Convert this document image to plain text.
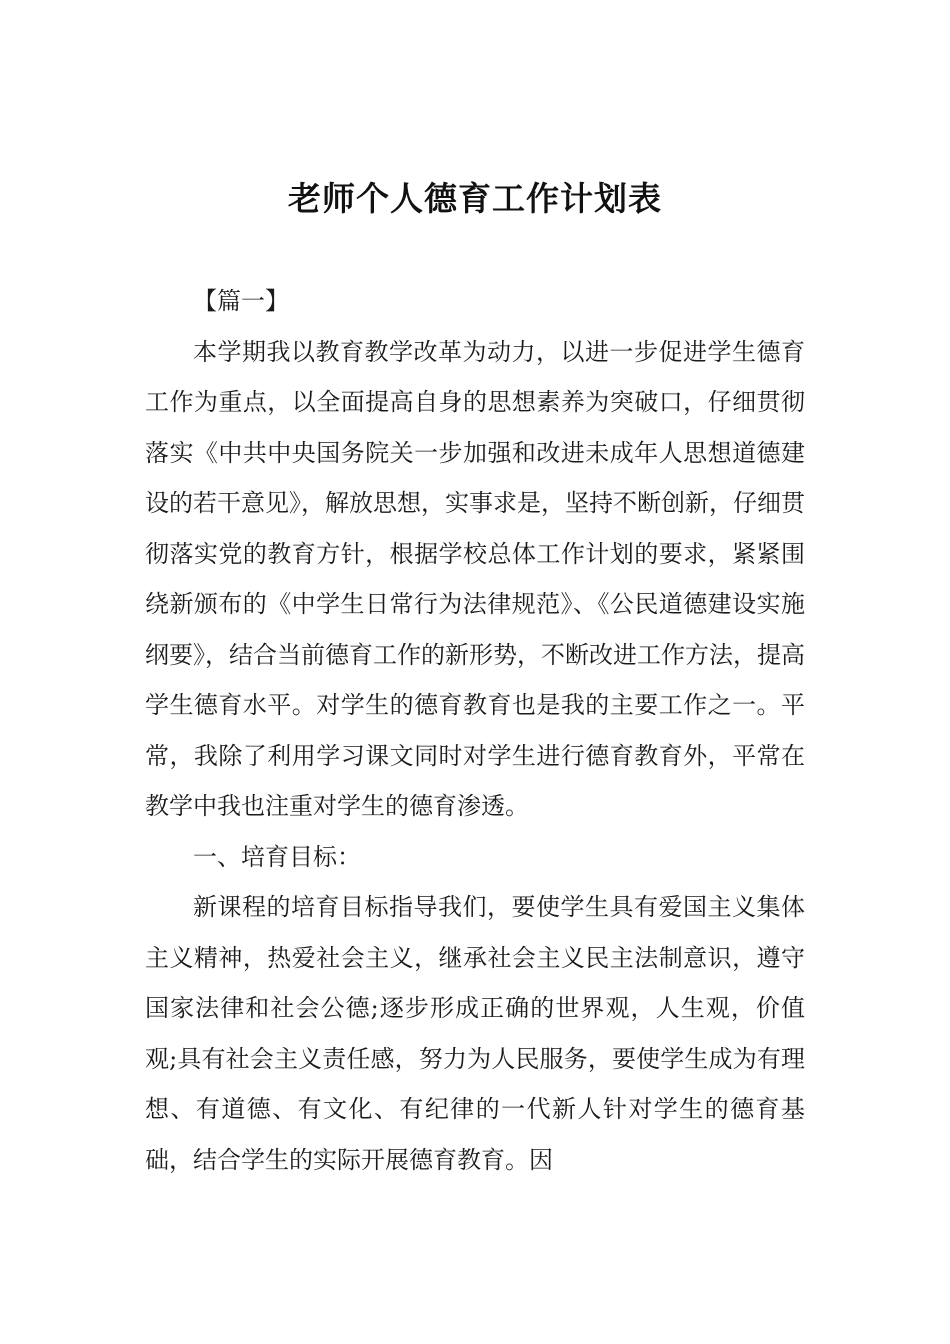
老师个人德育工作计划表

【篇一】

本学期我以教育教学改革为动力，以进一步促进学生德育工作为重点，以全面提高自身的思想素养为突破口，仔细贯彻落实《中共中央国务院关一步加强和改进未成年人思想道德建设的若干意见》，解放思想，实事求是，坚持不断创新，仔细贯彻落实党的教育方针，根据学校总体工作计划的要求，紧紧围绕新颁布的《中学生日常行为法律规范》、《公民道德建设实施纲要》，结合当前德育工作的新形势，不断改进工作方法，提高学生德育水平。对学生的德育教育也是我的主要工作之一。平常，我除了利用学习课文同时对学生进行德育教育外，平常在教学中我也注重对学生的德育渗透。

一、培育目标：

新课程的培育目标指导我们，要使学生具有爱国主义集体主义精神，热爱社会主义，继承社会主义民主法制意识，遵守国家法律和社会公德;逐步形成正确的世界观，人生观，价值观;具有社会主义责任感，努力为人民服务，要使学生成为有理想、有道德、有文化、有纪律的一代新人针对学生的德育基础，结合学生的实际开展德育教育。因
